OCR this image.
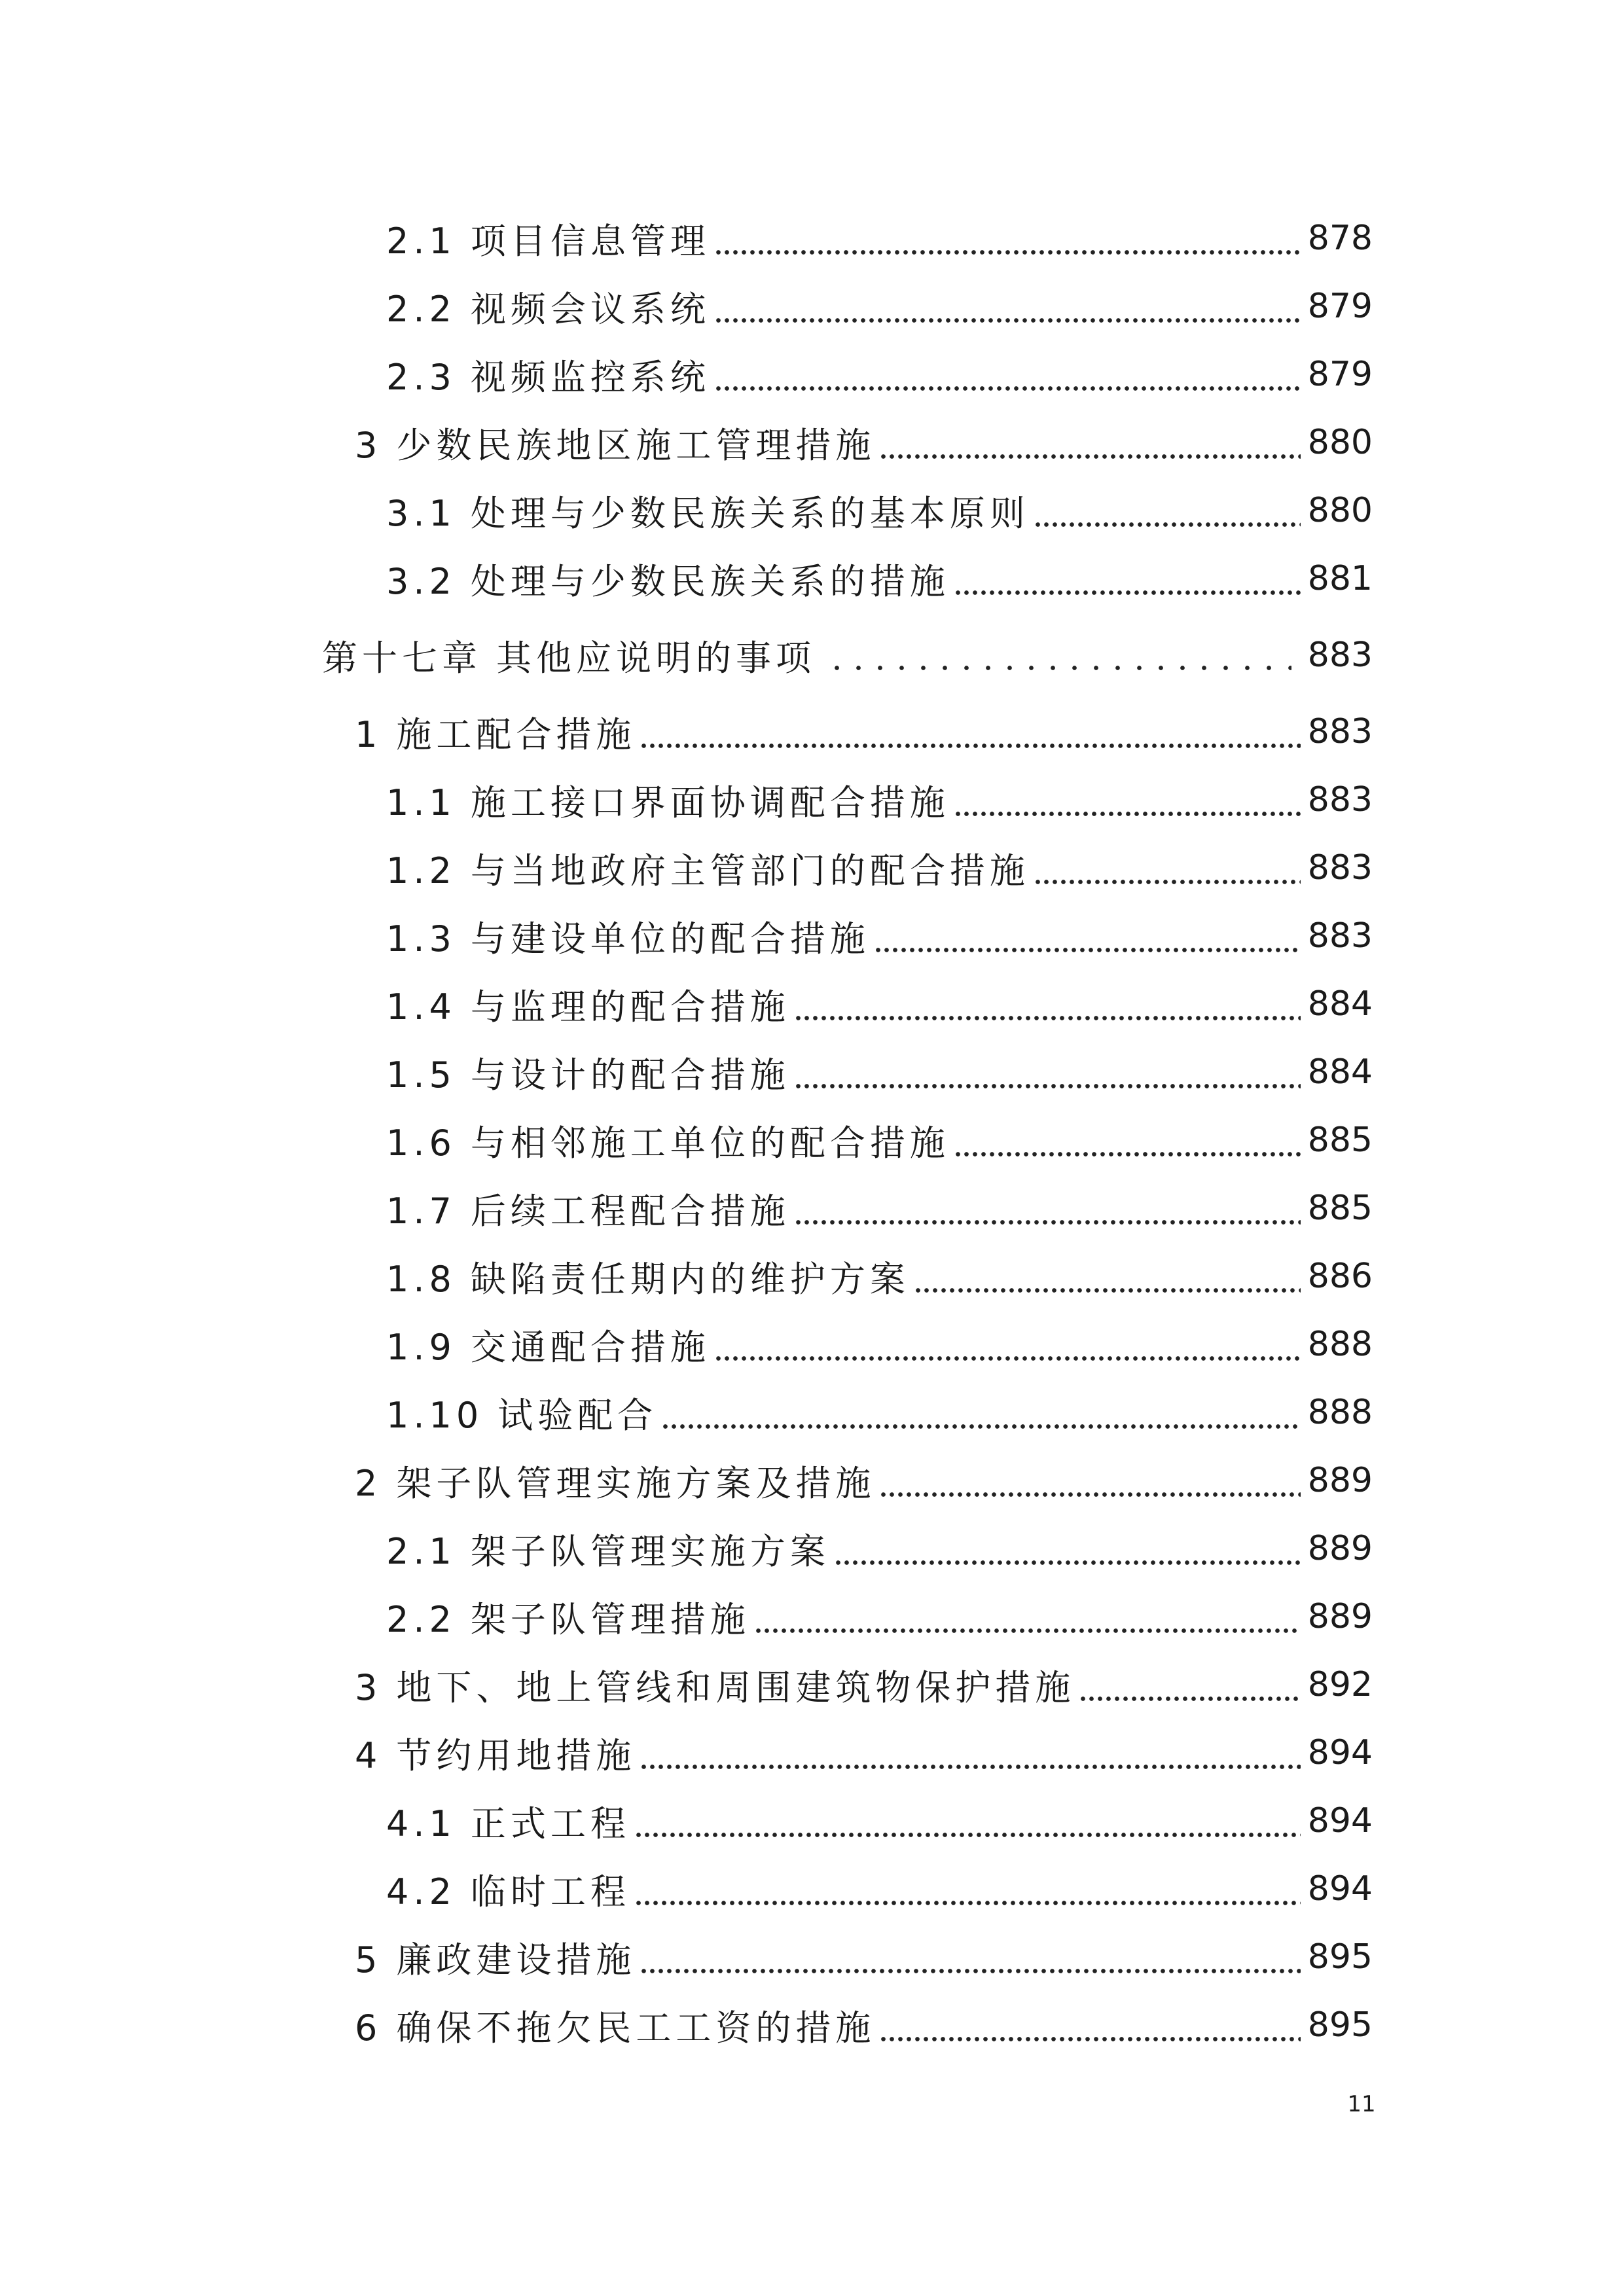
2.1 项目信息管理	878
2.2 视频会议系统	879
2.3 视频监控系统	879
3 少数民族地区施工管理措施	880
3.1 处理与少数民族关系的基本原则	880
3.2 处理与少数民族关系的措施	881
第十七章 其他应说明的事项	883
1 施工配合措施	883
1.1 施工接口界面协调配合措施	883
1.2 与当地政府主管部门的配合措施	883
1.3 与建设单位的配合措施	883
1.4 与监理的配合措施	884
1.5 与设计的配合措施	884
1.6 与相邻施工单位的配合措施	885
1.7 后续工程配合措施	885
1.8 缺陷责任期内的维护方案	886
1.9 交通配合措施	888
1.10 试验配合	888
2 架子队管理实施方案及措施	889
2.1 架子队管理实施方案	889
2.2 架子队管理措施	889
3 地下、地上管线和周围建筑物保护措施	892
4 节约用地措施	894
4.1 正式工程	894
4.2 临时工程	894
5 廉政建设措施	895
6 确保不拖欠民工工资的措施	895
11
